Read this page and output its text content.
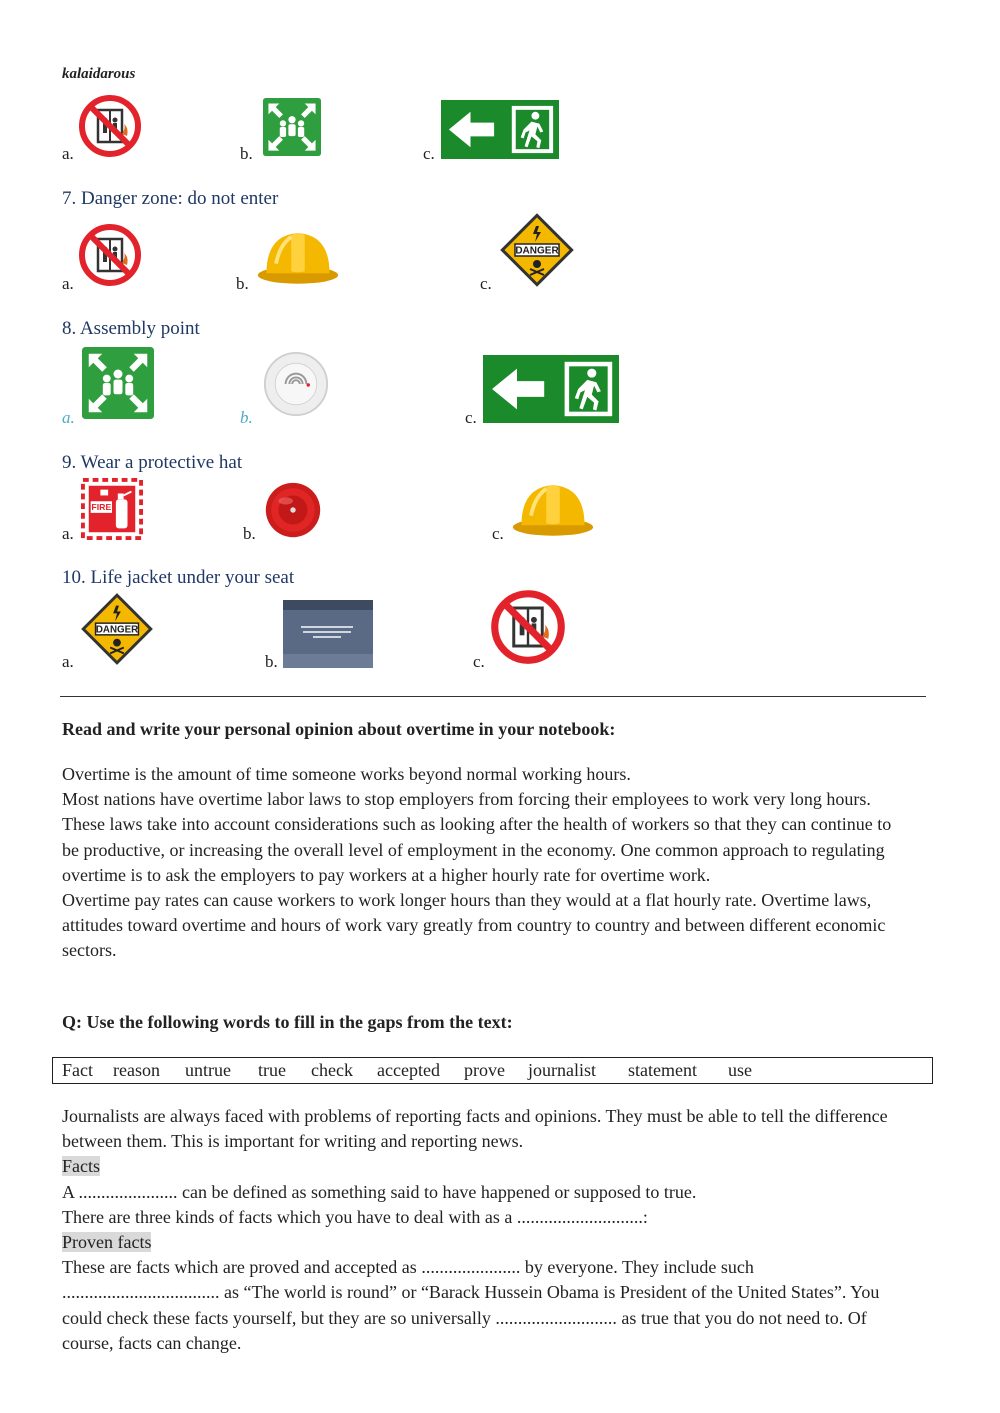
kalaidarous
a.	b.	c.
7. Danger zone: do not enter
a.	b.	c.
8. Assembly point
a.	b.	c.
9. Wear a protective hat
a.	b.	c.
10. Life jacket under your seat
a.	b.	c.
Read and write your personal opinion about overtime in your notebook:

Overtime is the amount of time someone works beyond normal working hours.

Most nations have overtime labor laws to stop employers from forcing their employees to work very long hours. These laws take into account considerations such as looking after the health of workers so that they can continue to be productive, or increasing the overall level of employment in the economy. One common approach to regulating overtime is to ask the employers to pay workers at a higher hourly rate for overtime work.

Overtime pay rates can cause workers to work longer hours than they would at a flat hourly rate. Overtime laws, attitudes toward overtime and hours of work vary greatly from country to country and between different economic sectors.

Q: Use the following words to fill in the gaps from the text:
Fact reason untrue true check accepted prove journalist statement use

Journalists are always faced with problems of reporting facts and opinions. They must be able to tell the difference between them. This is important for writing and reporting news.

Facts

A ...................... can be defined as something said to have happened or supposed to true.

There are three kinds of facts which you have to deal with as a ............................:

Proven facts

These are facts which are proved and accepted as ...................... by everyone. They include such ................................... as “The world is round” or “Barack Hussein Obama is President of the United States”. You could check these facts yourself, but they are so universally ........................... as true that you do not need to. Of course, facts can change.
